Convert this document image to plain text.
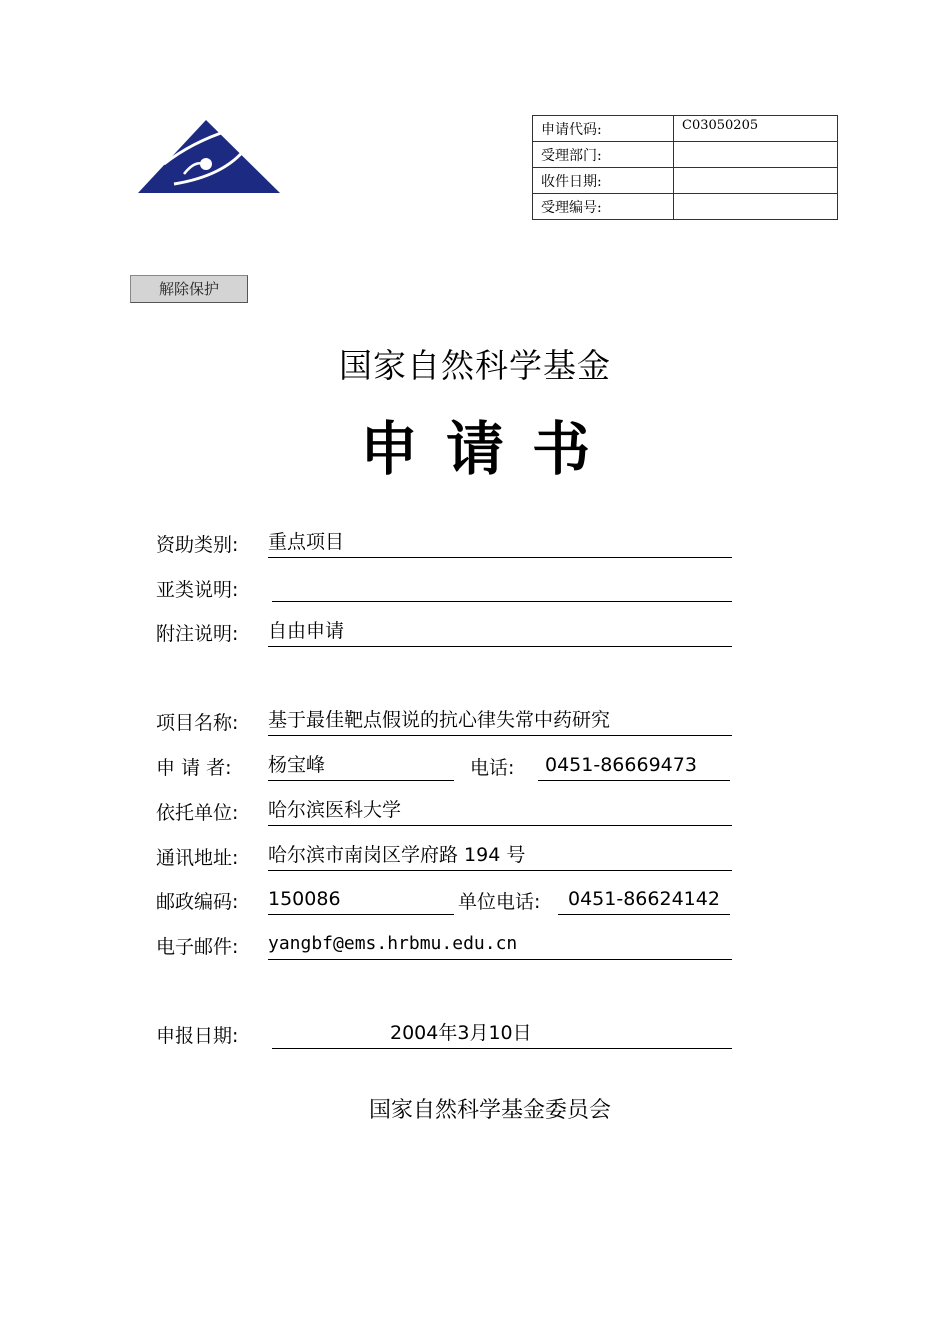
申请代码:	C03050205
受理部门:	
收件日期:	
受理编号:	
解除保护
国家自然科学基金
申请书
资助类别: 重点项目
亚类说明:
附注说明: 自由申请
项目名称: 基于最佳靶点假说的抗心律失常中药研究
申 请 者: 杨宝峰	电话: 0451-86669473
依托单位: 哈尔滨医科大学
通讯地址: 哈尔滨市南岗区学府路 194 号
邮政编码: 150086	单位电话: 0451-86624142
电子邮件: yangbf@ems.hrbmu.edu.cn
申报日期:	2004年3月10日
国家自然科学基金委员会
